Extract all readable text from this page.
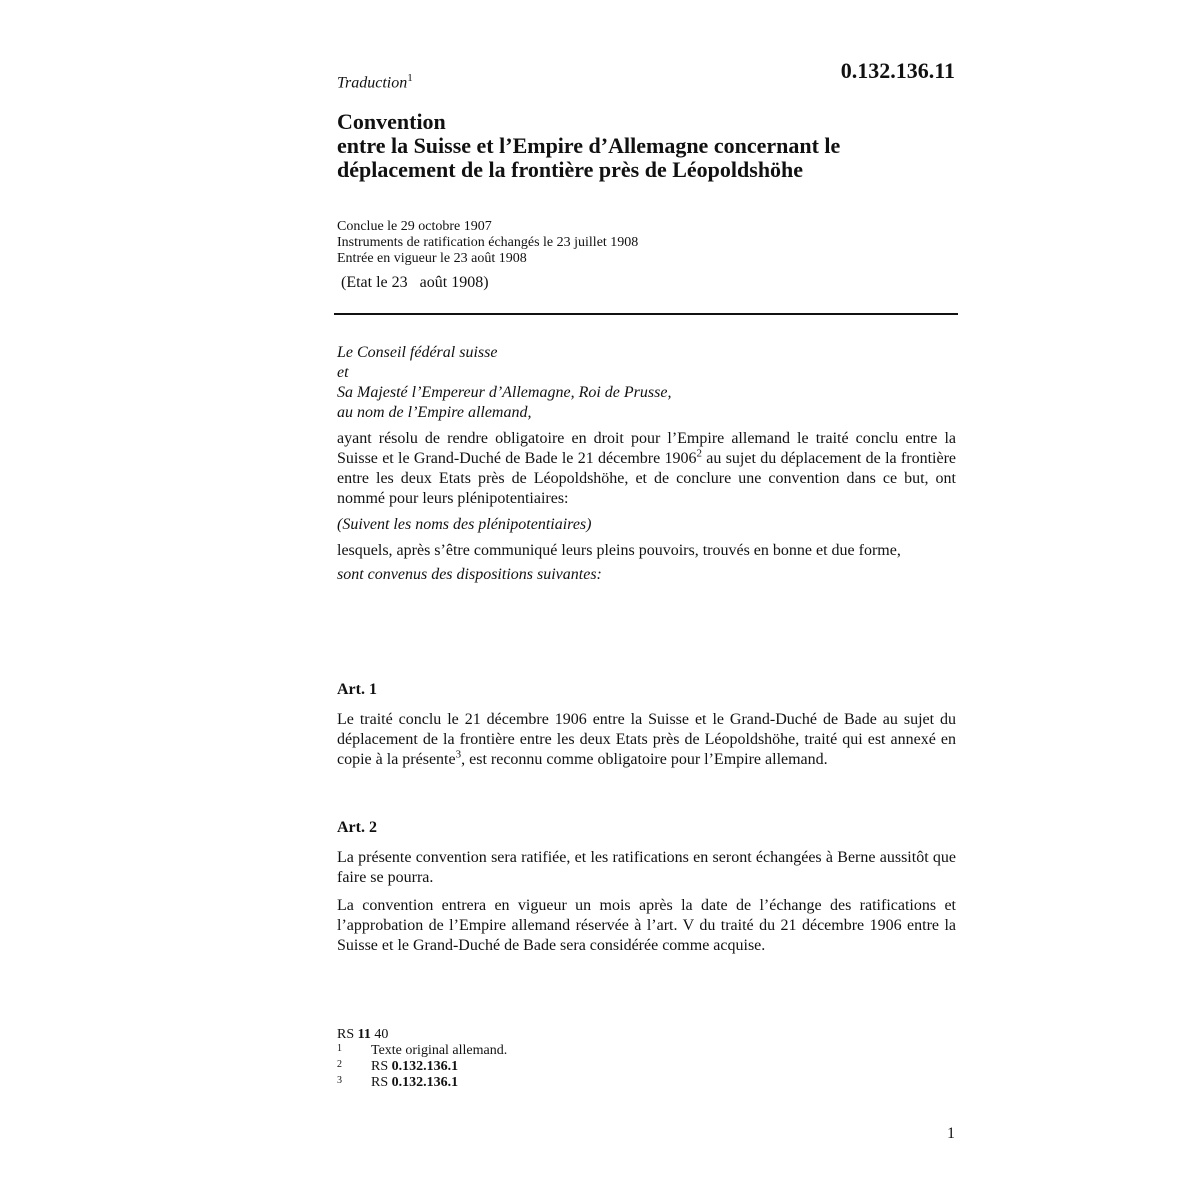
0.132.136.11
Traduction$^1$
Convention
entre la Suisse et l’Empire d’Allemagne concernant le
déplacement de la frontière près de Léopoldshöhe
Conclue le 29 octobre 1907
Instruments de ratification échangés le 23 juillet 1908
Entrée en vigueur le 23 août 1908
(Etat le 23   août 1908)
Le Conseil fédéral suisse
et
Sa Majesté l’Empereur d’Allemagne, Roi de Prusse,
au nom de l’Empire allemand,

ayant résolu de rendre obligatoire en droit pour l’Empire allemand le traité conclu entre la Suisse et le Grand-Duché de Bade le 21 décembre 1906$^2$ au sujet du déplacement de la frontière entre les deux Etats près de Léopoldshöhe, et de conclure une convention dans ce but, ont nommé pour leurs plénipotentiaires:

(Suivent les noms des plénipotentiaires)

lesquels, après s’être communiqué leurs pleins pouvoirs, trouvés en bonne et due forme,

sont convenus des dispositions suivantes:

Art. 1

Le traité conclu le 21 décembre 1906 entre la Suisse et le Grand-Duché de Bade au sujet du déplacement de la frontière entre les deux Etats près de Léopoldshöhe, traité qui est annexé en copie à la présente$^3$, est reconnu comme obligatoire pour l’Empire allemand.

Art. 2

La présente convention sera ratifiée, et les ratifications en seront échangées à Berne aussitôt que faire se pourra.

La convention entrera en vigueur un mois après la date de l’échange des ratifications et l’approbation de l’Empire allemand réservée à l’art. V du traité du 21 décembre 1906 entre la Suisse et le Grand-Duché de Bade sera considérée comme acquise.

RS 11 40
1	Texte original allemand.
2	RS 0.132.136.1
3	RS 0.132.136.1
1
